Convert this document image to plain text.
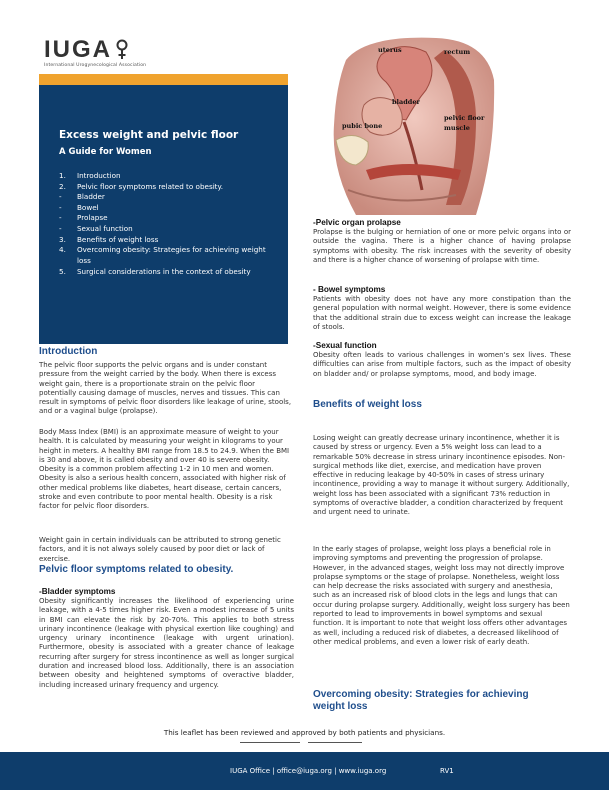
IUGA
International Urogynecological Association
Excess weight and pelvic floor
A Guide for Women
1.	Introduction
2.	Pelvic floor symptoms related to obesity.
-	Bladder
-	Bowel
-	Prolapse
-	Sexual function
3.	Benefits of weight loss
4.	Overcoming obesity: Strategies for achieving weight loss
5.	Surgical considerations in the context of obesity
uterus	rectum
bladder
pubic bone
pelvic floor
muscle
Introduction
The pelvic floor supports the pelvic organs and is under constant pressure from the weight carried by the body. When there is excess weight gain, there is a proportionate strain on the pelvic floor potentially causing damage of muscles, nerves and tissues. This can result in symptoms of pelvic floor disorders like leakage of urine, stools, and or a vaginal bulge (prolapse).
Body Mass Index (BMI) is an approximate measure of weight to your health. It is calculated by measuring your weight in kilograms to your height in meters. A healthy BMI range from 18.5 to 24.9. When the BMI is 30 and above, it is called obesity and over 40 is severe obesity. Obesity is a common problem affecting 1-2 in 10 men and women. Obesity is also a serious health concern, associated with higher risk of other medical problems like diabetes, heart disease, certain cancers, stroke and even contribute to poor mental health. Obesity is a risk factor for pelvic floor disorders.
Weight gain in certain individuals can be attributed to strong genetic factors, and it is not always solely caused by poor diet or lack of exercise.
Pelvic floor symptoms related to obesity.
-Bladder symptoms
Obesity significantly increases the likelihood of experiencing urine leakage, with a 4-5 times higher risk. Even a modest increase of 5 units in BMI can elevate the risk by 20-70%. This applies to both stress urinary incontinence (leakage with physical exertion like coughing) and urgency urinary incontinence (leakage with urgent urination). Furthermore, obesity is associated with a greater chance of leakage recurring after surgery for stress incontinence as well as longer surgical duration and increased blood loss. Additionally, there is an association between obesity and heightened symptoms of overactive bladder, including increased urinary frequency and urgency.
-Pelvic organ prolapse
Prolapse is the bulging or herniation of one or more pelvic organs into or outside the vagina. There is a higher chance of having prolapse symptoms with obesity. The risk increases with the severity of obesity and there is a higher chance of worsening of prolapse with time.
- Bowel symptoms
Patients with obesity does not have any more constipation than the general population with normal weight. However, there is some evidence that the additional strain due to excess weight can increase the leakage of stools.
-Sexual function
Obesity often leads to various challenges in women's sex lives. These difficulties can arise from multiple factors, such as the impact of obesity on bladder and/ or prolapse symptoms, mood, and body image.
Benefits of weight loss
Losing weight can greatly decrease urinary incontinence, whether it is caused by stress or urgency. Even a 5% weight loss can lead to a remarkable 50% decrease in stress urinary incontinence episodes. Non-surgical methods like diet, exercise, and medication have proven effective in reducing leakage by 40-50% in cases of stress urinary incontinence, providing a way to manage it without surgery. Additionally, weight loss has been associated with a significant 73% reduction in symptoms of overactive bladder, a condition characterized by frequent and urgent need to urinate.
In the early stages of prolapse, weight loss plays a beneficial role in improving symptoms and preventing the progression of prolapse. However, in the advanced stages, weight loss may not directly improve prolapse symptoms or the stage of prolapse. Nonetheless, weight loss can help decrease the risks associated with surgery and anesthesia, such as an increased risk of blood clots in the legs and lungs that can occur during prolapse surgery. Additionally, weight loss surgery has been reported to lead to improvements in bowel symptoms and sexual function. It is important to note that weight loss offers other advantages as well, including a reduced risk of diabetes, a decreased likelihood of other medical problems, and even a lower risk of early death.
Overcoming obesity: Strategies for achieving weight loss
This leaflet has been reviewed and approved by both patients and physicians.
IUGA Office | office@iuga.org | www.iuga.org	RV1
